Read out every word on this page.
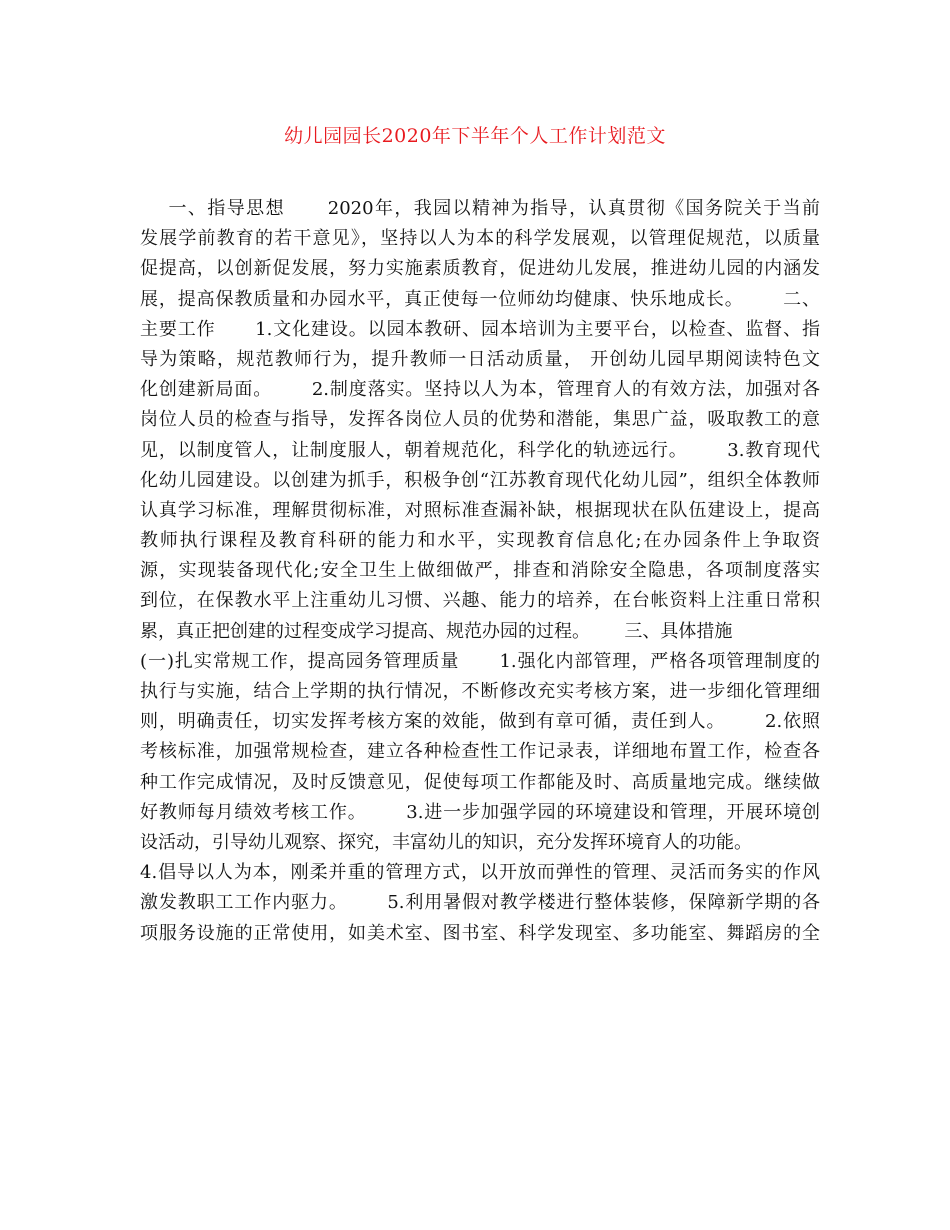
幼儿园园长2020年下半年个人工作计划范文
一、指导思想      2020年，我园以精神为指导，认真贯彻《国务院关于当前
发展学前教育的若干意见》，坚持以人为本的科学发展观，以管理促规范，以质量
促提高，以创新促发展，努力实施素质教育，促进幼儿发展，推进幼儿园的内涵发
展，提高保教质量和办园水平，真正使每一位师幼均健康、快乐地成长。      二、
主要工作      1.文化建设。以园本教研、园本培训为主要平台，以检查、监督、指
导为策略，规范教师行为，提升教师一日活动质量， 开创幼儿园早期阅读特色文
化创建新局面。      2.制度落实。坚持以人为本，管理育人的有效方法，加强对各
岗位人员的检查与指导，发挥各岗位人员的优势和潜能，集思广益，吸取教工的意
见，以制度管人，让制度服人，朝着规范化，科学化的轨迹远行。      3.教育现代
化幼儿园建设。以创建为抓手，积极争创“江苏教育现代化幼儿园”，组织全体教师
认真学习标准，理解贯彻标准，对照标准查漏补缺，根据现状在队伍建设上，提高
教师执行课程及教育科研的能力和水平，实现教育信息化;在办园条件上争取资
源，实现装备现代化;安全卫生上做细做严，排查和消除安全隐患，各项制度落实
到位，在保教水平上注重幼儿习惯、兴趣、能力的培养，在台帐资料上注重日常积
累，真正把创建的过程变成学习提高、规范办园的过程。      三、具体措施
(一)扎实常规工作，提高园务管理质量      1.强化内部管理，严格各项管理制度的
执行与实施，结合上学期的执行情况，不断修改充实考核方案，进一步细化管理细
则，明确责任，切实发挥考核方案的效能，做到有章可循，责任到人。      2.依照
考核标准，加强常规检查，建立各种检查性工作记录表，详细地布置工作，检查各
种工作完成情况，及时反馈意见，促使每项工作都能及时、高质量地完成。继续做
好教师每月绩效考核工作。      3.进一步加强学园的环境建设和管理，开展环境创
设活动，引导幼儿观察、探究，丰富幼儿的知识，充分发挥环境育人的功能。
4.倡导以人为本，刚柔并重的管理方式，以开放而弹性的管理、灵活而务实的作风
激发教职工工作内驱力。      5.利用暑假对教学楼进行整体装修，保障新学期的各
项服务设施的正常使用，如美术室、图书室、科学发现室、多功能室、舞蹈房的全
